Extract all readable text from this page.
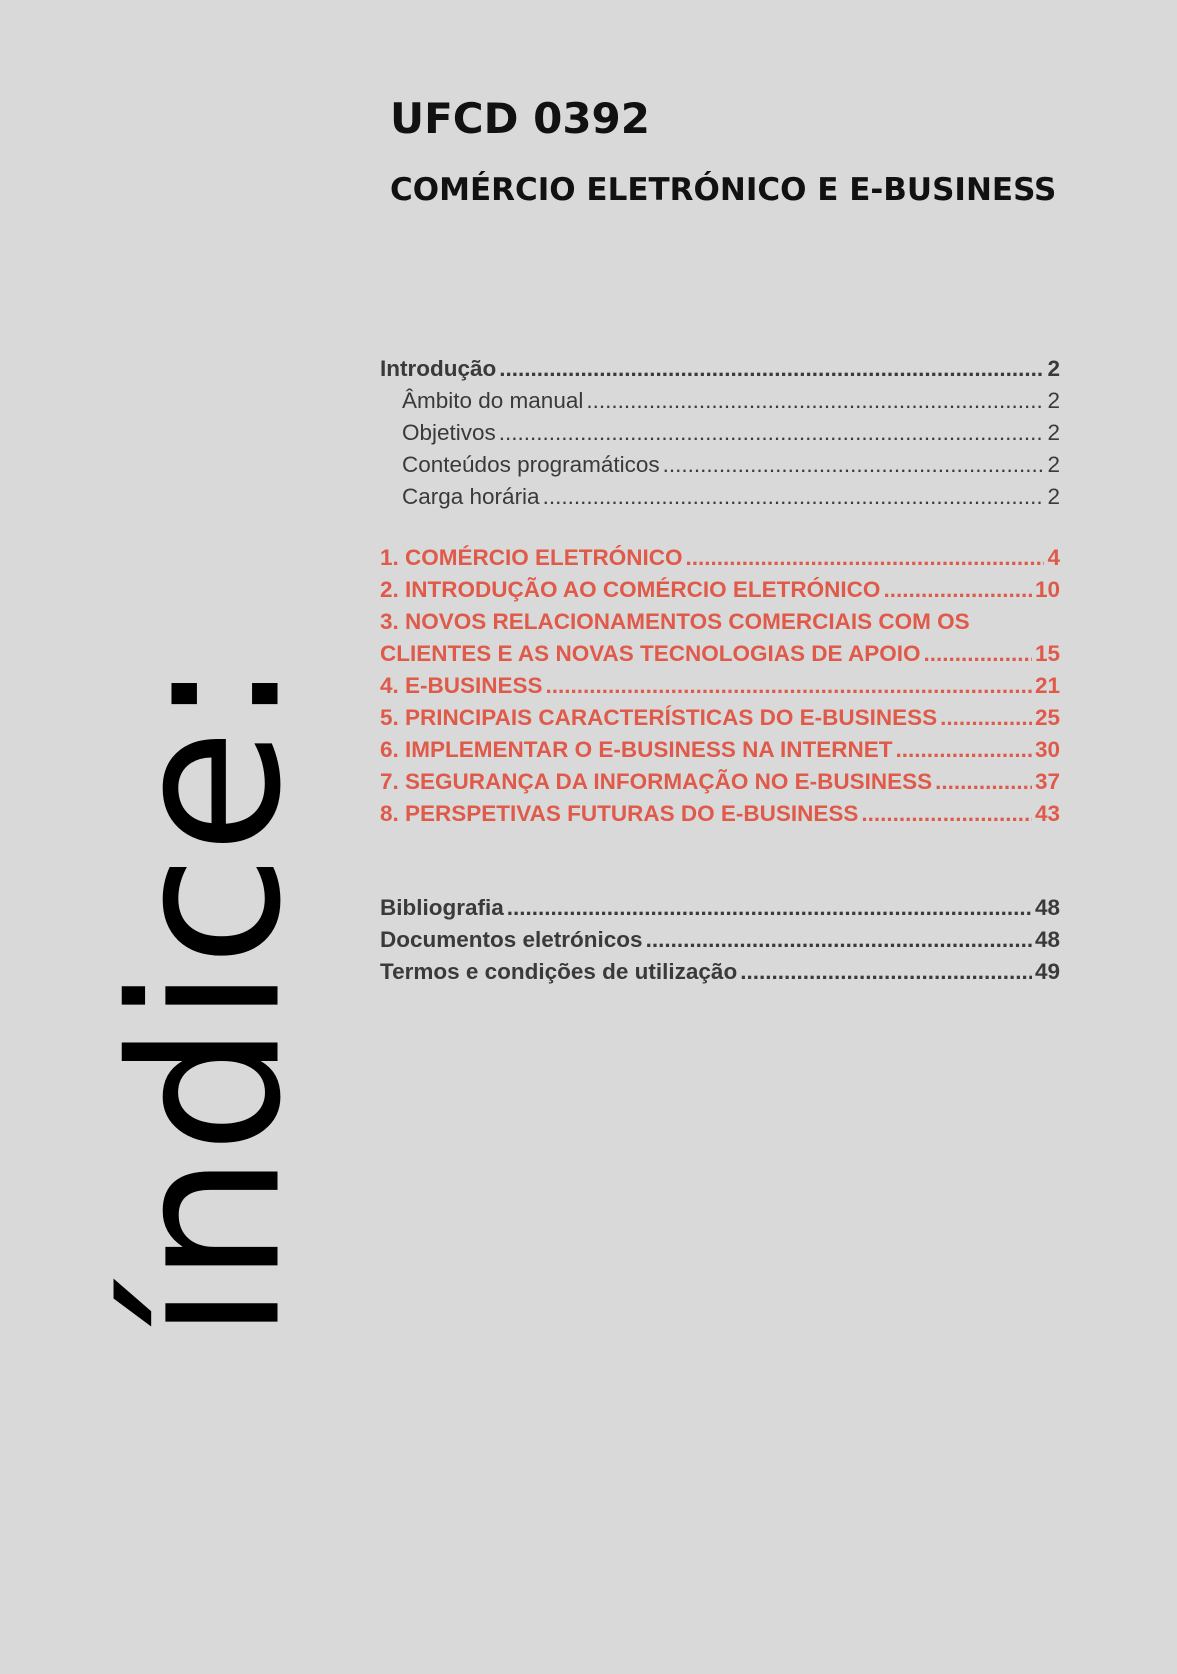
índice:
UFCD 0392
COMÉRCIO ELETRÓNICO E E-BUSINESS
Introdução .....	2
Âmbito do manual .....	2
Objetivos .....	2
Conteúdos programáticos .....	2
Carga horária .....	2
1. COMÉRCIO ELETRÓNICO .....	4
2. INTRODUÇÃO AO COMÉRCIO ELETRÓNICO .....	10
3. NOVOS RELACIONAMENTOS COMERCIAIS COM OS
CLIENTES E AS NOVAS TECNOLOGIAS DE APOIO .....	15
4. E-BUSINESS .....	21
5. PRINCIPAIS CARACTERÍSTICAS DO E-BUSINESS .....	25
6. IMPLEMENTAR O E-BUSINESS NA INTERNET .....	30
7. SEGURANÇA DA INFORMAÇÃO NO E-BUSINESS .....	37
8. PERSPETIVAS FUTURAS DO E-BUSINESS .....	43
Bibliografia .....	48
Documentos eletrónicos .....	48
Termos e condições de utilização .....	49
